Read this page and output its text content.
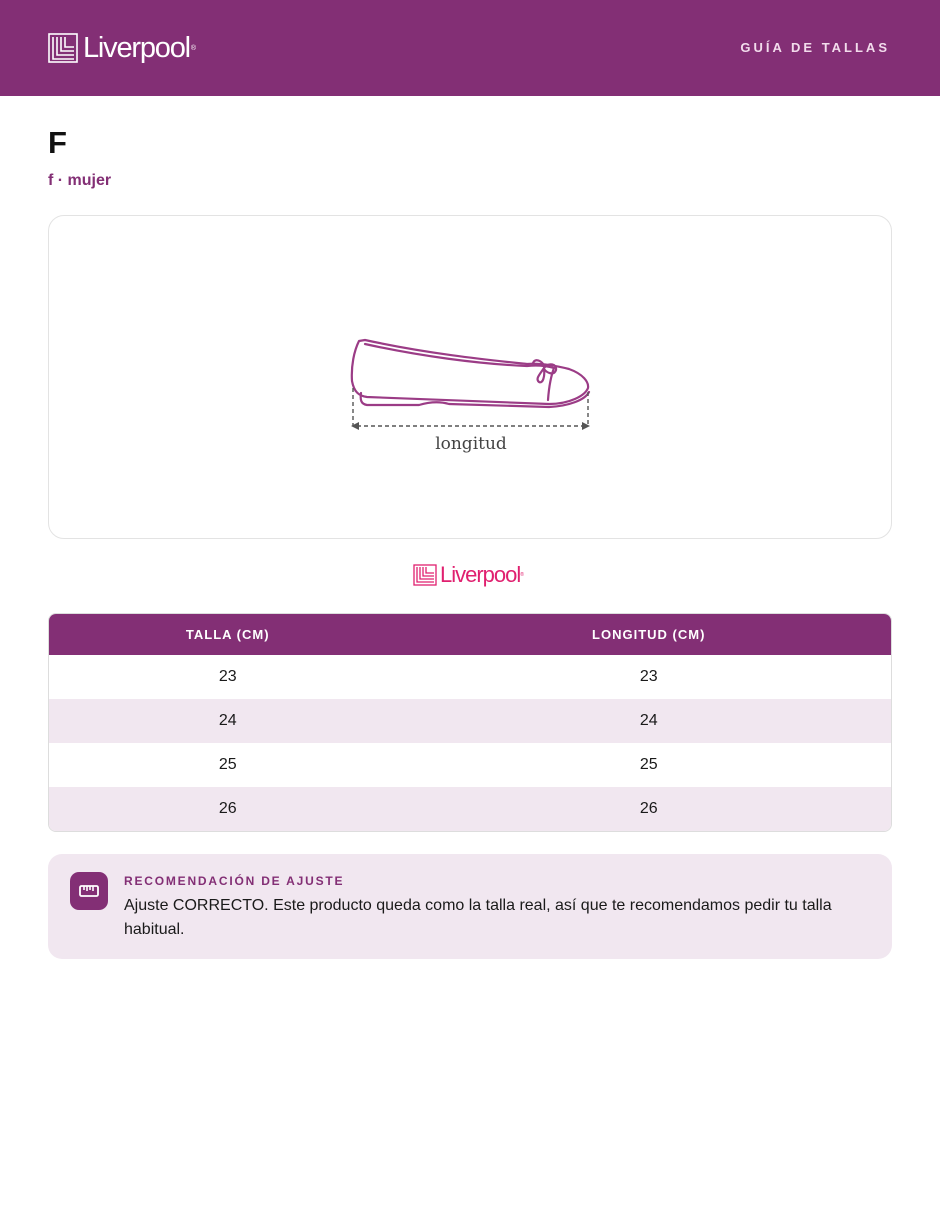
Liverpool ®	GUÍA DE TALLAS
F
f · mujer
longitud
Liverpool ®
TALLA (CM)	LONGITUD (CM)
23	23
24	24
25	25
26	26
RECOMENDACIÓN DE AJUSTE
Ajuste CORRECTO. Este producto queda como la talla real, así que te recomendamos pedir tu talla habitual.
